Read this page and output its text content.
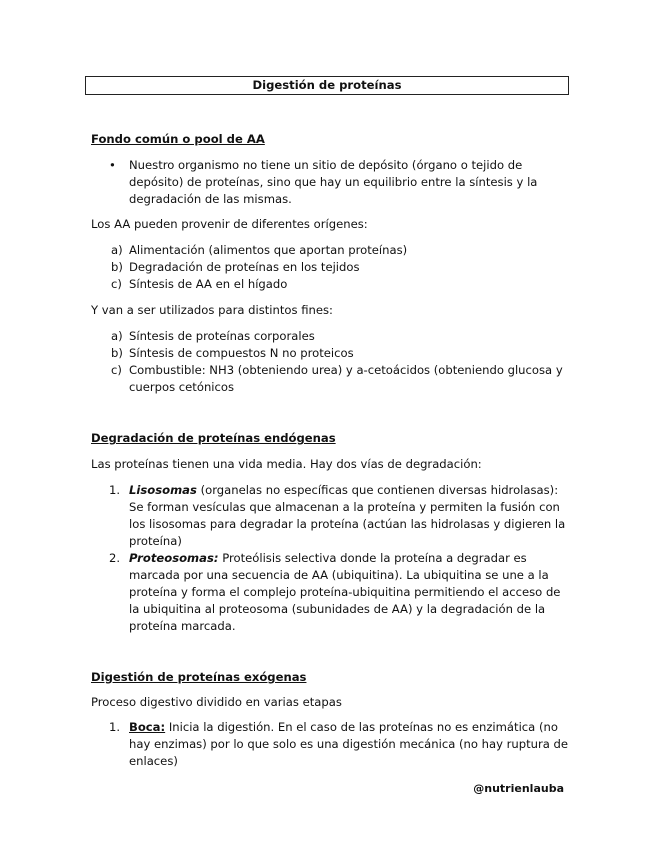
Digestión de proteínas
Fondo común o pool de AA
• Nuestro organismo no tiene un sitio de depósito (órgano o tejido de depósito) de proteínas, sino que hay un equilibrio entre la síntesis y la degradación de las mismas.

Los AA pueden provenir de diferentes orígenes:

a) Alimentación (alimentos que aportan proteínas)
b) Degradación de proteínas en los tejidos
c) Síntesis de AA en el hígado

Y van a ser utilizados para distintos fines:

a) Síntesis de proteínas corporales
b) Síntesis de compuestos N no proteicos
c) Combustible: NH3 (obteniendo urea) y a-cetoácidos (obteniendo glucosa y cuerpos cetónicos
Degradación de proteínas endógenas

Las proteínas tienen una vida media. Hay dos vías de degradación:

1. Lisosomas (organelas no específicas que contienen diversas hidrolasas): Se forman vesículas que almacenan a la proteína y permiten la fusión con los lisosomas para degradar la proteína (actúan las hidrolasas y digieren la proteína)
2. Proteosomas: Proteólisis selectiva donde la proteína a degradar es marcada por una secuencia de AA (ubiquitina). La ubiquitina se une a la proteína y forma el complejo proteína-ubiquitina permitiendo el acceso de la ubiquitina al proteosoma (subunidades de AA) y la degradación de la proteína marcada.
Digestión de proteínas exógenas

Proceso digestivo dividido en varias etapas

1. Boca: Inicia la digestión. En el caso de las proteínas no es enzimática (no hay enzimas) por lo que solo es una digestión mecánica (no hay ruptura de enlaces)
@nutrienlauba
